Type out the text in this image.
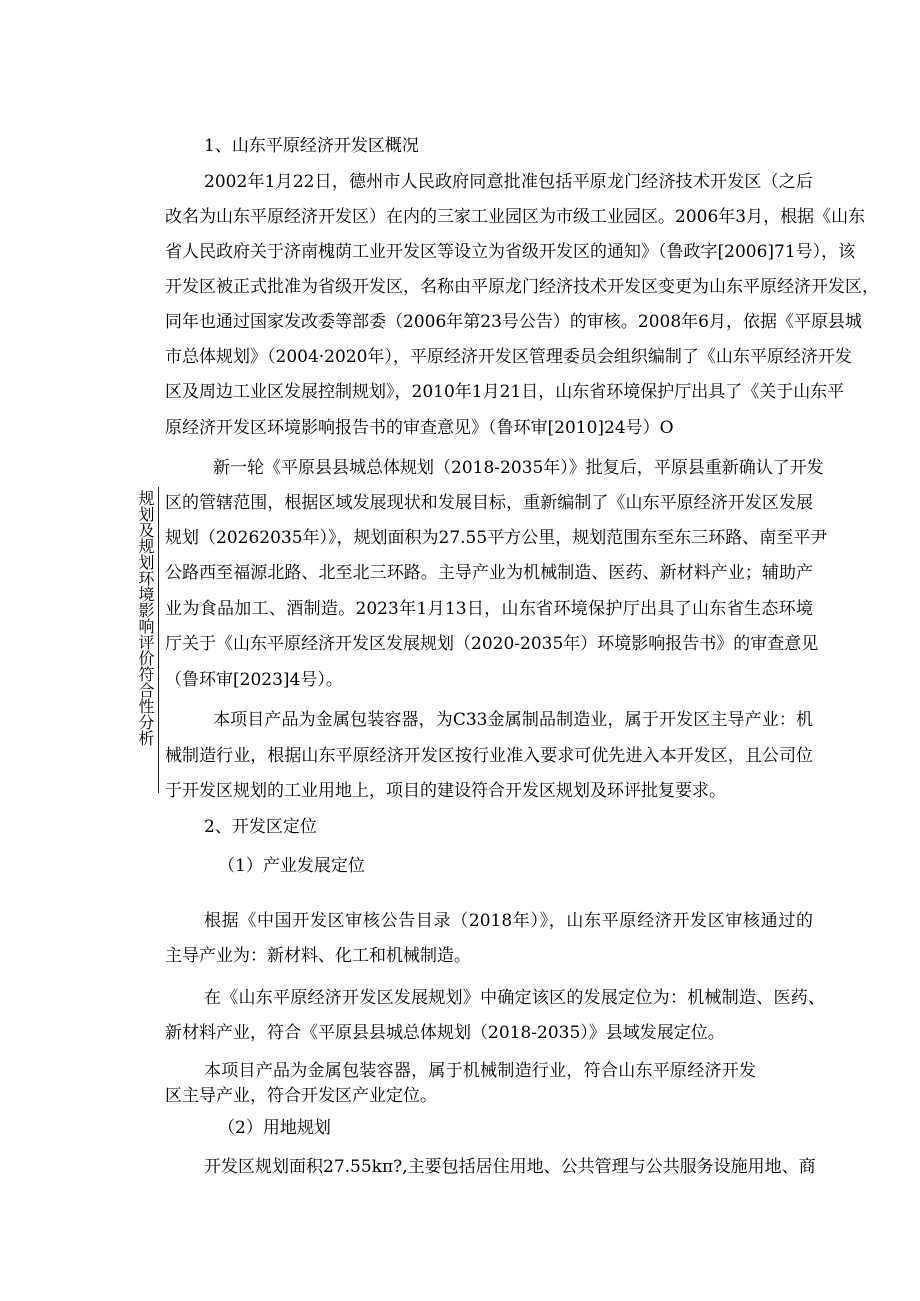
1、山东平原经济开发区概况
2002年1月22日，德州市人民政府同意批准包括平原龙门经济技术开发区（之后
改名为山东平原经济开发区）在内的三家工业园区为市级工业园区。2006年3月，根据《山东
省人民政府关于济南槐荫工业开发区等设立为省级开发区的通知》（鲁政字[2006]71号），该
开发区被正式批准为省级开发区，名称由平原龙门经济技术开发区变更为山东平原经济开发区，
同年也通过国家发改委等部委（2006年第23号公告）的审核。2008年6月，依据《平原县城
市总体规划》（2004·2020年），平原经济开发区管理委员会组织编制了《山东平原经济开发
区及周边工业区发展控制规划》，2010年1月21日，山东省环境保护厅出具了《关于山东平
原经济开发区环境影响报告书的审查意见》（鲁环审[2010]24号）O
规划及规划环境影响评价符合性分析
新一轮《平原县县城总体规划（2018-2035年）》批复后，平原县重新确认了开发
区的管辖范围，根据区域发展现状和发展目标，重新编制了《山东平原经济开发区发展
规划（20262035年）》，规划面积为27.55平方公里，规划范围东至东三环路、南至平尹
公路西至福源北路、北至北三环路。主导产业为机械制造、医药、新材料产业；辅助产
业为食品加工、酒制造。2023年1月13日，山东省环境保护厅出具了山东省生态环境
厅关于《山东平原经济开发区发展规划（2020-2035年）环境影响报告书》的审查意见
（鲁环审[2023]4号）。
本项目产品为金属包装容器，为C33金属制品制造业，属于开发区主导产业：机
械制造行业，根据山东平原经济开发区按行业准入要求可优先进入本开发区，且公司位
于开发区规划的工业用地上，项目的建设符合开发区规划及环评批复要求。
2、开发区定位
（1）产业发展定位
根据《中国开发区审核公告目录（2018年）》，山东平原经济开发区审核通过的
主导产业为：新材料、化工和机械制造。
在《山东平原经济开发区发展规划》中确定该区的发展定位为：机械制造、医药、
新材料产业，符合《平原县县城总体规划（2018-2035）》县域发展定位。
本项目产品为金属包装容器，属于机械制造行业，符合山东平原经济开发
区主导产业，符合开发区产业定位。
（2）用地规划
开发区规划面积27.55kπ?,主要包括居住用地、公共管理与公共服务设施用地、商
